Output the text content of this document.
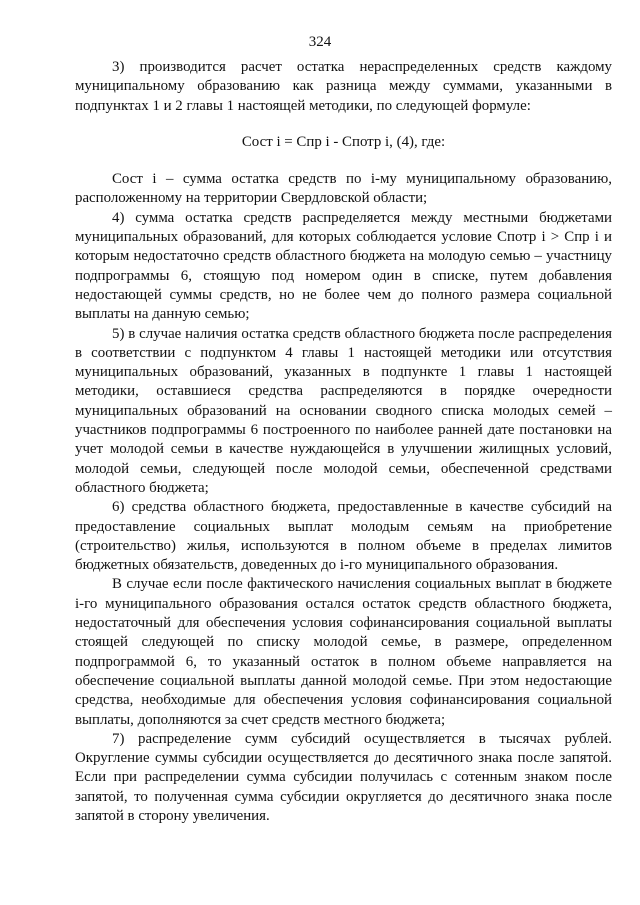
324

3) производится расчет остатка нераспределенных средств каждому муниципальному образованию как разница между суммами, указанными в подпунктах 1 и 2 главы 1 настоящей методики, по следующей формуле:

Сост i = Спр i - Спотр i, (4), где:

Сост i – сумма остатка средств по i-му муниципальному образованию, расположенному на территории Свердловской области;

4) сумма остатка средств распределяется между местными бюджетами муниципальных образований, для которых соблюдается условие Спотр i > Спр i и которым недостаточно средств областного бюджета на молодую семью – участницу подпрограммы 6, стоящую под номером один в списке, путем добавления недостающей суммы средств, но не более чем до полного размера социальной выплаты на данную семью;

5) в случае наличия остатка средств областного бюджета после распределения в соответствии с подпунктом 4 главы 1 настоящей методики или отсутствия муниципальных образований, указанных в подпункте 1 главы 1 настоящей методики, оставшиеся средства распределяются в порядке очередности муниципальных образований на основании сводного списка молодых семей – участников подпрограммы 6 построенного по наиболее ранней дате постановки на учет молодой семьи в качестве нуждающейся в улучшении жилищных условий, молодой семьи, следующей после молодой семьи, обеспеченной средствами областного бюджета;

6) средства областного бюджета, предоставленные в качестве субсидий на предоставление социальных выплат молодым семьям на приобретение (строительство) жилья, используются в полном объеме в пределах лимитов бюджетных обязательств, доведенных до i-го муниципального образования.

В случае если после фактического начисления социальных выплат в бюджете i-го муниципального образования остался остаток средств областного бюджета, недостаточный для обеспечения условия софинансирования социальной выплаты стоящей следующей по списку молодой семье, в размере, определенном подпрограммой 6, то указанный остаток в полном объеме направляется на обеспечение социальной выплаты данной молодой семье. При этом недостающие средства, необходимые для обеспечения условия софинансирования социальной выплаты, дополняются за счет средств местного бюджета;

7) распределение сумм субсидий осуществляется в тысячах рублей. Округление суммы субсидии осуществляется до десятичного знака после запятой. Если при распределении сумма субсидии получилась с сотенным знаком после запятой, то полученная сумма субсидии округляется до десятичного знака после запятой в сторону увеличения.
